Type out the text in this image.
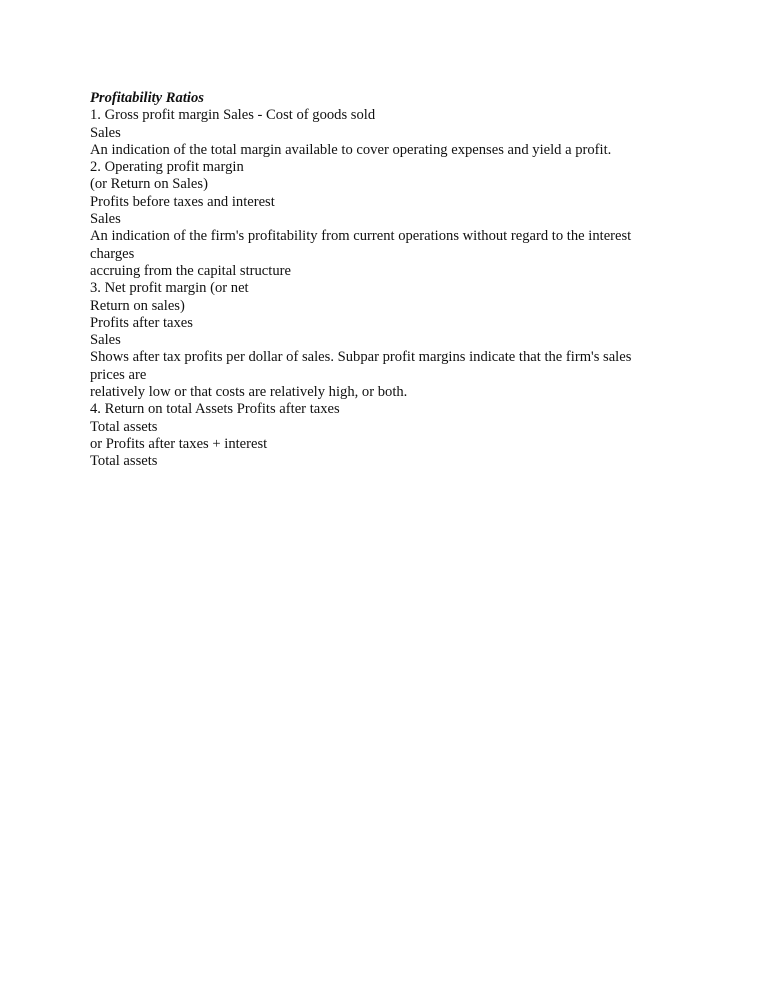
Profitability Ratios
1. Gross profit margin Sales - Cost of goods sold
Sales
An indication of the total margin available to cover operating expenses and yield a profit.
2. Operating profit margin
(or Return on Sales)
Profits before taxes and interest
Sales
An indication of the firm's profitability from current operations without regard to the interest
charges
accruing from the capital structure
3. Net profit margin (or net
Return on sales)
Profits after taxes
Sales
Shows after tax profits per dollar of sales. Subpar profit margins indicate that the firm's sales
prices are
relatively low or that costs are relatively high, or both.
4. Return on total Assets Profits after taxes
Total assets
or Profits after taxes + interest
Total assets
